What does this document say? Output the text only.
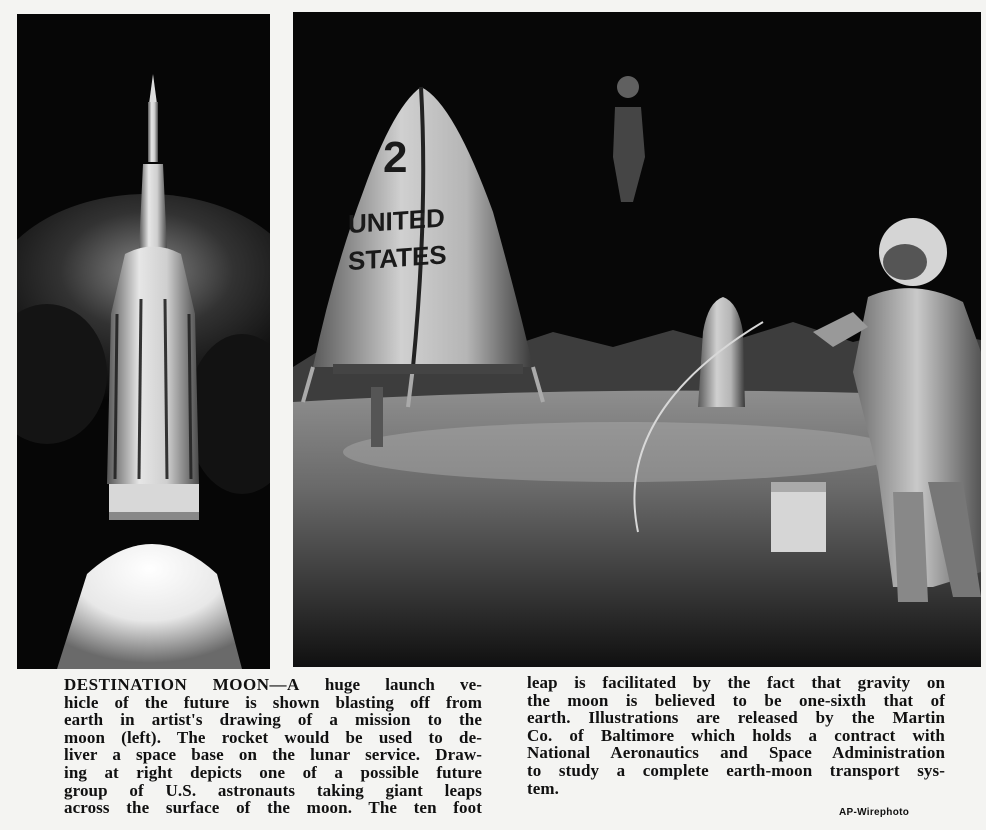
2
UNITED
STATES
DESTINATION MOON—A huge launch ve-
hicle of the future is shown blasting off from
earth in artist's drawing of a mission to the
moon (left). The rocket would be used to de-
liver a space base on the lunar service. Draw-
ing at right depicts one of a possible future
group of U.S. astronauts taking giant leaps
across the surface of the moon. The ten foot
leap is facilitated by the fact that gravity on
the moon is believed to be one-sixth that of
earth. Illustrations are released by the Martin
Co. of Baltimore which holds a contract with
National Aeronautics and Space Administration
to study a complete earth-moon transport sys-
tem.
AP-Wirephoto
